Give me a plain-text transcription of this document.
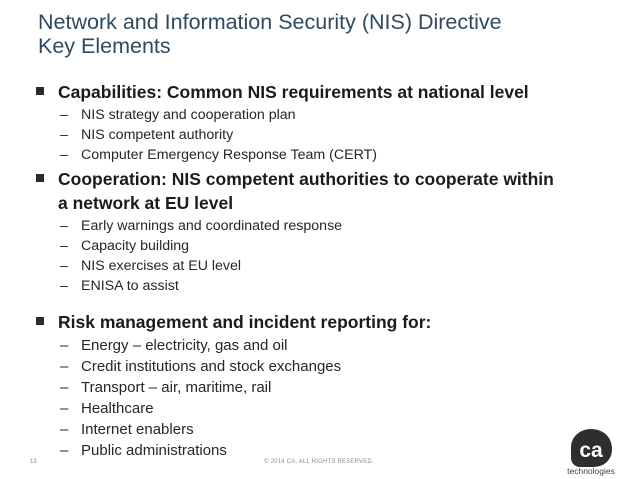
Network and Information Security (NIS) Directive
Key Elements
Capabilities: Common NIS requirements at national level
– NIS strategy and cooperation plan
– NIS competent authority
– Computer Emergency Response Team (CERT)
Cooperation: NIS competent authorities to cooperate within
a network at EU level
– Early warnings and coordinated response
– Capacity building
– NIS exercises at EU level
– ENISA to assist
Risk management and incident reporting for:
– Energy – electricity, gas and oil
– Credit institutions and stock exchanges
– Transport – air, maritime, rail
– Healthcare
– Internet enablers
– Public administrations
13	© 2014 CA. ALL RIGHTS RESERVED.	ca
technologies
